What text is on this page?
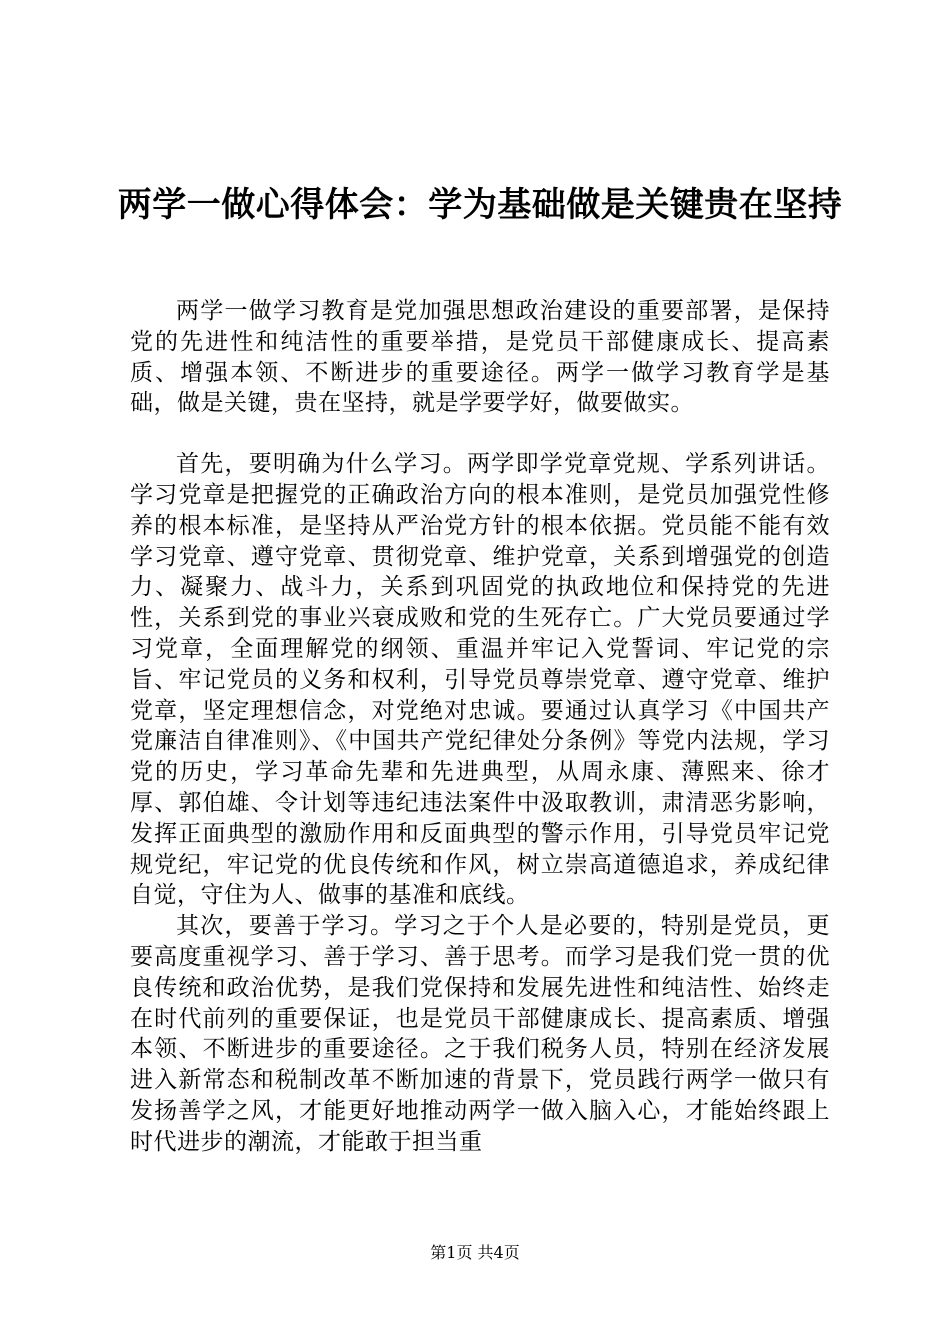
两学一做心得体会：学为基础做是关键贵在坚持

两学一做学习教育是党加强思想政治建设的重要部署，是保持党的先进性和纯洁性的重要举措，是党员干部健康成长、提高素质、增强本领、不断进步的重要途径。两学一做学习教育学是基础，做是关键，贵在坚持，就是学要学好，做要做实。

首先，要明确为什么学习。两学即学党章党规、学系列讲话。学习党章是把握党的正确政治方向的根本准则，是党员加强党性修养的根本标准，是坚持从严治党方针的根本依据。党员能不能有效学习党章、遵守党章、贯彻党章、维护党章，关系到增强党的创造力、凝聚力、战斗力，关系到巩固党的执政地位和保持党的先进性，关系到党的事业兴衰成败和党的生死存亡。广大党员要通过学习党章，全面理解党的纲领、重温并牢记入党誓词、牢记党的宗旨、牢记党员的义务和权利，引导党员尊崇党章、遵守党章、维护党章，坚定理想信念，对党绝对忠诚。要通过认真学习《中国共产党廉洁自律准则》、《中国共产党纪律处分条例》等党内法规，学习党的历史，学习革命先辈和先进典型，从周永康、薄熙来、徐才厚、郭伯雄、令计划等违纪违法案件中汲取教训，肃清恶劣影响，发挥正面典型的激励作用和反面典型的警示作用，引导党员牢记党规党纪，牢记党的优良传统和作风，树立崇高道德追求，养成纪律自觉，守住为人、做事的基准和底线。

其次，要善于学习。学习之于个人是必要的，特别是党员，更要高度重视学习、善于学习、善于思考。而学习是我们党一贯的优良传统和政治优势，是我们党保持和发展先进性和纯洁性、始终走在时代前列的重要保证，也是党员干部健康成长、提高素质、增强本领、不断进步的重要途径。之于我们税务人员，特别在经济发展进入新常态和税制改革不断加速的背景下，党员践行两学一做只有发扬善学之风，才能更好地推动两学一做入脑入心，才能始终跟上时代进步的潮流，才能敢于担当重

第1页 共4页
